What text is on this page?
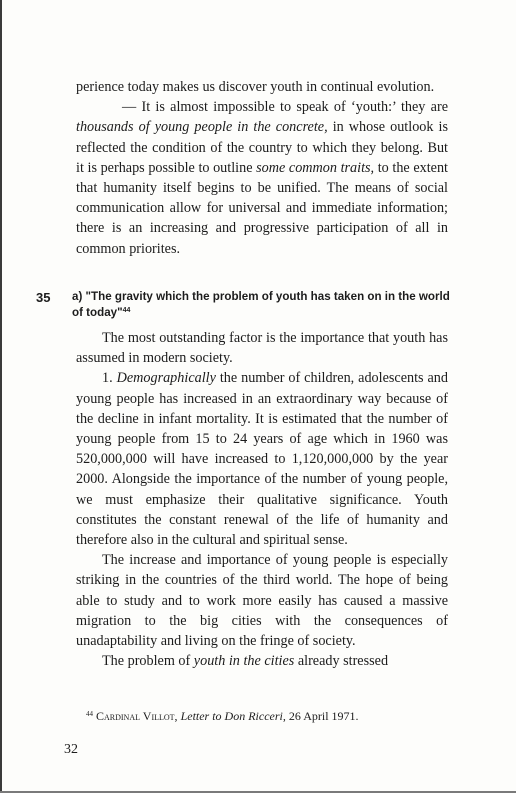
perience today makes us discover youth in continual evolution.

— It is almost impossible to speak of ‘youth:’ they are thousands of young people in the concrete, in whose outlook is reflected the condition of the country to which they belong. But it is perhaps possible to outline some common traits, to the extent that humanity itself begins to be unified. The means of social communication allow for universal and immediate information; there is an increasing and progressive participation of all in common priorites.

35 a) "The gravity which the problem of youth has taken on in the world of today"$^{44}$

The most outstanding factor is the importance that youth has assumed in modern society.

1. Demographically the number of children, adolescents and young people has increased in an extraordinary way because of the decline in infant mortality. It is estimated that the number of young people from 15 to 24 years of age which in 1960 was 520,000,000 will have increased to 1,120,000,000 by the year 2000. Alongside the importance of the number of young people, we must emphasize their qualitative significance. Youth constitutes the constant renewal of the life of humanity and therefore also in the cultural and spiritual sense.

The increase and importance of young people is especially striking in the countries of the third world. The hope of being able to study and to work more easily has caused a massive migration to the big cities with the consequences of unadaptability and living on the fringe of society.

The problem of youth in the cities already stressed

$^{44}$ Cardinal Villot, Letter to Don Ricceri, 26 April 1971.
32
